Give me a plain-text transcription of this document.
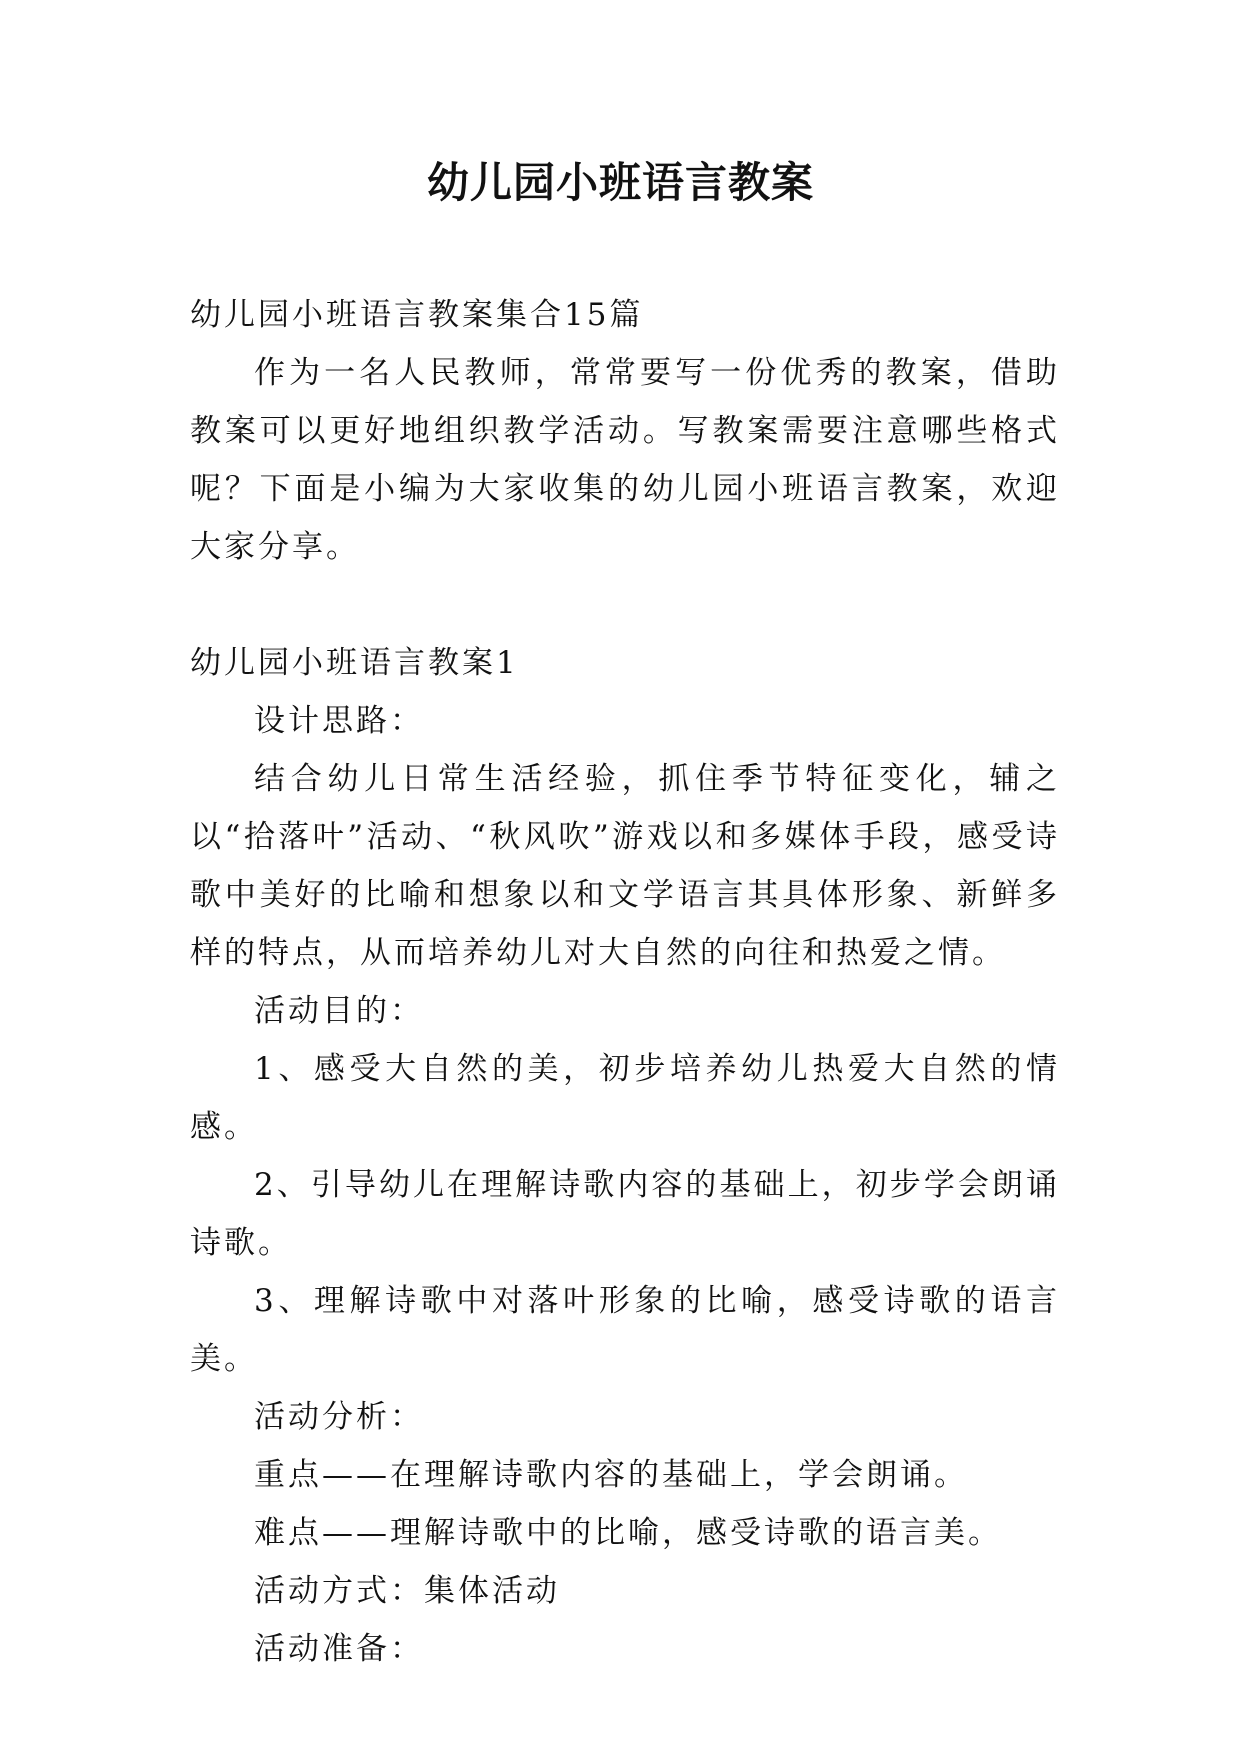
幼儿园小班语言教案

幼儿园小班语言教案集合15篇

作为一名人民教师，常常要写一份优秀的教案，借助教案可以更好地组织教学活动。写教案需要注意哪些格式呢？下面是小编为大家收集的幼儿园小班语言教案，欢迎大家分享。

幼儿园小班语言教案1

设计思路：

结合幼儿日常生活经验，抓住季节特征变化，辅之以“拾落叶”活动、“秋风吹”游戏以和多媒体手段，感受诗歌中美好的比喻和想象以和文学语言其具体形象、新鲜多样的特点，从而培养幼儿对大自然的向往和热爱之情。

活动目的：

1、感受大自然的美，初步培养幼儿热爱大自然的情感。

2、引导幼儿在理解诗歌内容的基础上，初步学会朗诵诗歌。

3、理解诗歌中对落叶形象的比喻，感受诗歌的语言美。

活动分析：

重点——在理解诗歌内容的基础上，学会朗诵。

难点——理解诗歌中的比喻，感受诗歌的语言美。

活动方式：集体活动

活动准备：
